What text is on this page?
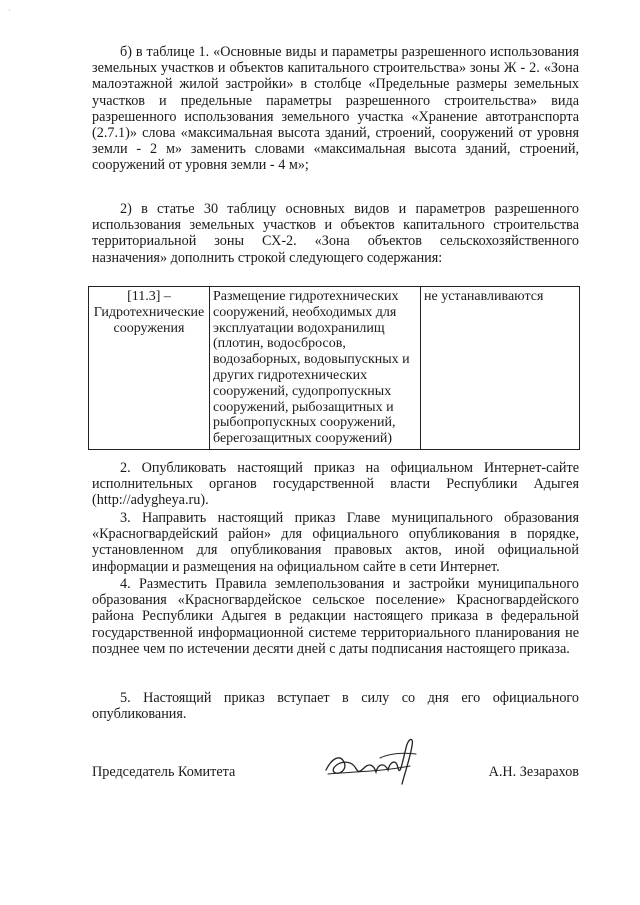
·

б) в таблице 1. «Основные виды и параметры разрешенного использования земельных участков и объектов капитального строительства» зоны Ж - 2. «Зона малоэтажной жилой застройки» в столбце «Предельные размеры земельных участков и предельные параметры разрешенного строительства» вида разрешенного использования земельного участка «Хранение автотранспорта (2.7.1)» слова «максимальная высота зданий, строений, сооружений от уровня земли - 2 м» заменить словами «максимальная высота зданий, строений, сооружений от уровня земли - 4 м»;

2) в статье 30 таблицу основных видов и параметров разрешенного использования земельных участков и объектов капитального строительства территориальной зоны СХ-2. «Зона объектов сельскохозяйственного назначения» дополнить строкой следующего содержания:

[11.3] – Гидротехнические сооружения	Размещение гидротехнических сооружений, необходимых для эксплуатации водохранилищ (плотин, водосбросов, водозаборных, водовыпускных и других гидротехнических сооружений, судопропускных сооружений, рыбозащитных и рыбопропускных сооружений, берегозащитных сооружений)	не устанавливаются

2. Опубликовать настоящий приказ на официальном Интернет-сайте исполнительных органов государственной власти Республики Адыгея (http://adygheya.ru).

3. Направить настоящий приказ Главе муниципального образования «Красногвардейский район» для официального опубликования в порядке, установленном для опубликования правовых актов, иной официальной информации и размещения на официальном сайте в сети Интернет.

4. Разместить Правила землепользования и застройки муниципального образования «Красногвардейское сельское поселение» Красногвардейского района Республики Адыгея в редакции настоящего приказа в федеральной государственной информационной системе территориального планирования не позднее чем по истечении десяти дней с даты подписания настоящего приказа.

5. Настоящий приказ вступает в силу со дня его официального опубликования.

Председатель Комитета	А.Н. Зезарахов
